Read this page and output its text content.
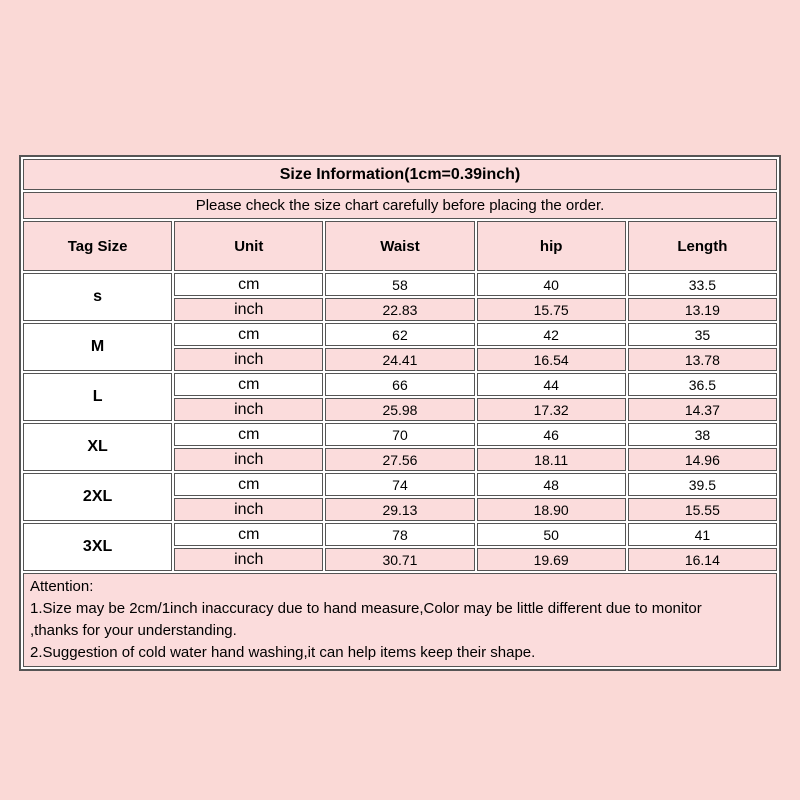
Size Information(1cm=0.39inch)				
Please check the size chart carefully before placing the order.				
Tag Size	Unit	Waist	hip	Length
s	cm	58	40	33.5
	inch	22.83	15.75	13.19
M	cm	62	42	35
	inch	24.41	16.54	13.78
L	cm	66	44	36.5
	inch	25.98	17.32	14.37
XL	cm	70	46	38
	inch	27.56	18.11	14.96
2XL	cm	74	48	39.5
	inch	29.13	18.90	15.55
3XL	cm	78	50	41
	inch	30.71	19.69	16.14

Attention:
1.Size may be 2cm/1inch inaccuracy due to hand measure,Color may be little different due to monitor
,thanks for your understanding.
2.Suggestion of cold water hand washing,it can help items keep their shape.				
